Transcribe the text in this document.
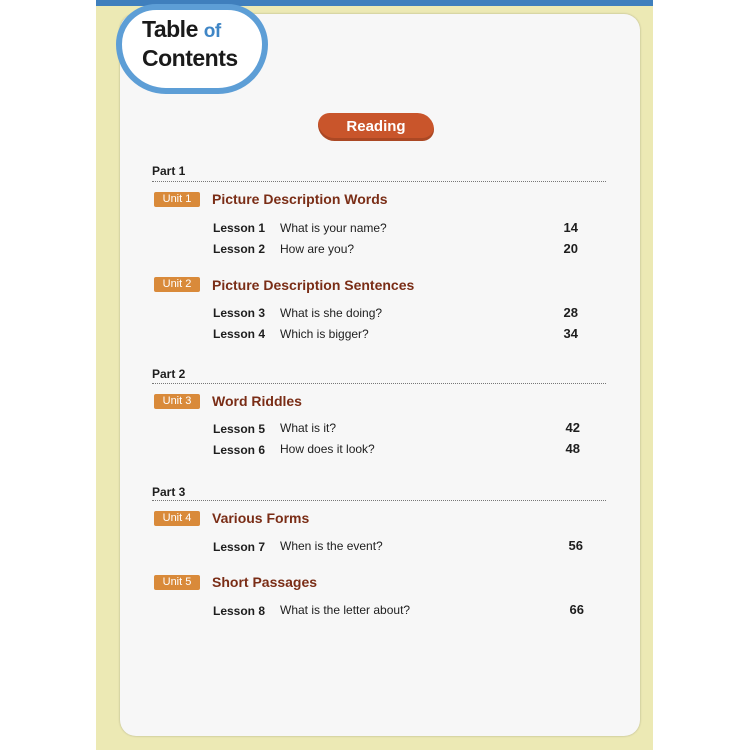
Table of
Contents
Reading
Part 1
Unit 1	Picture Description Words
Lesson 1 What is your name?	14
Lesson 2 How are you?	20
Unit 2	Picture Description Sentences
Lesson 3 What is she doing?	28
Lesson 4 Which is bigger?	34
Part 2
Unit 3	Word Riddles
Lesson 5 What is it?	42
Lesson 6 How does it look?	48
Part 3
Unit 4	Various Forms
Lesson 7 When is the event?	56
Unit 5	Short Passages
Lesson 8 What is the letter about?	66
